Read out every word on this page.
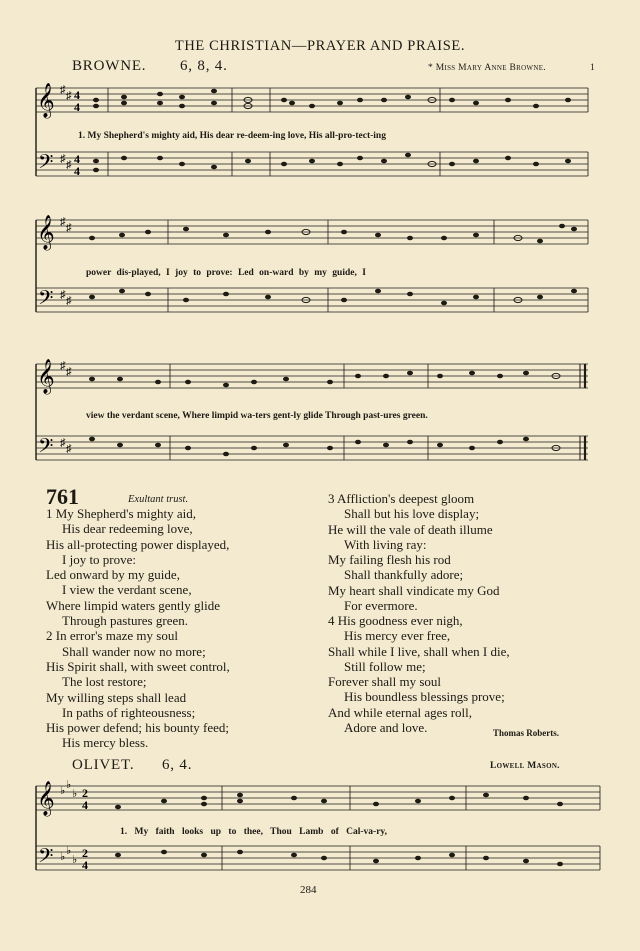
THE CHRISTIAN—PRAYER AND PRAISE.
BROWNE. 6, 8, 4.	* Miss Mary Anne Browne.	1
𝄞
𝄢
♯ ♯
♯ ♯
4
4
4
4
1. My Shepherd's mighty aid, His dear re-deem-ing love, His all-pro-tect-ing
𝄞
𝄢
♯ ♯
♯ ♯
power dis-played, I joy to prove: Led on-ward by my guide, I
𝄞
𝄢
♯ ♯
♯ ♯
view the verdant scene, Where limpid wa-ters gent-ly glide Through past-ures green.
761	Exultant trust.
1 My Shepherd's mighty aid,
His dear redeeming love,
His all-protecting power displayed,
I joy to prove:
Led onward by my guide,
I view the verdant scene,
Where limpid waters gently glide
Through pastures green.
2 In error's maze my soul
Shall wander now no more;
His Spirit shall, with sweet control,
The lost restore;
My willing steps shall lead
In paths of righteousness;
His power defend; his bounty feed;
His mercy bless.
3 Affliction's deepest gloom
Shall but his love display;
He will the vale of death illume
With living ray:
My failing flesh his rod
Shall thankfully adore;
My heart shall vindicate my God
For evermore.
4 His goodness ever nigh,
His mercy ever free,
Shall while I live, shall when I die,
Still follow me;
Forever shall my soul
His boundless blessings prove;
And while eternal ages roll,
Adore and love.	Thomas Roberts.
OLIVET. 6, 4.	Lowell Mason.
𝄞
𝄢
♭ ♭
♭
♭ ♭
♭
2
4
2
4
1. My faith looks up to thee, Thou Lamb of Cal-va-ry,
284
